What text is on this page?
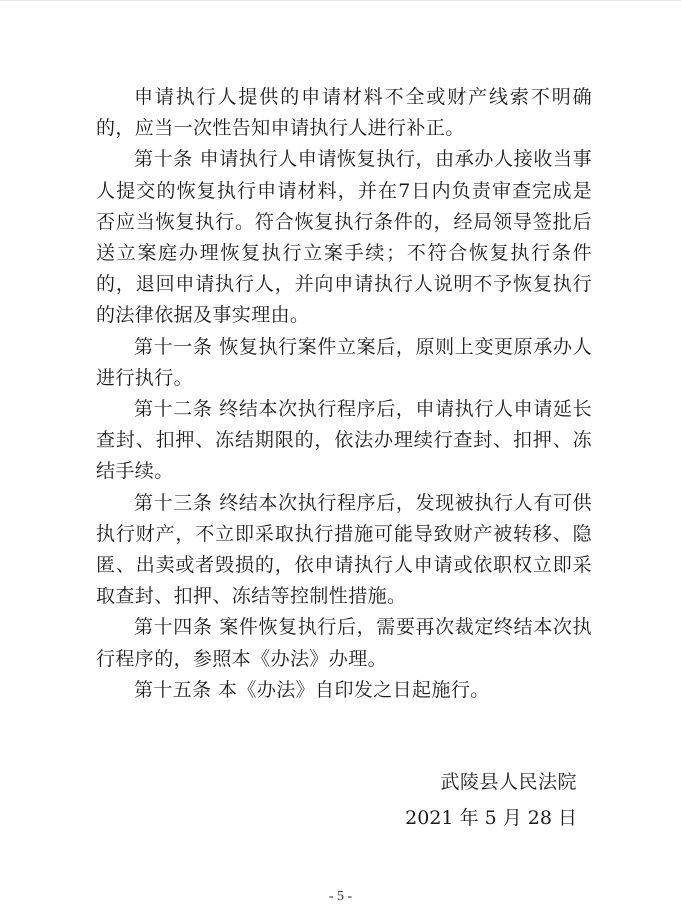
申请执行人提供的申请材料不全或财产线索不明确的，应当一次性告知申请执行人进行补正。

第十条 申请执行人申请恢复执行，由承办人接收当事人提交的恢复执行申请材料，并在7日内负责审查完成是否应当恢复执行。符合恢复执行条件的，经局领导签批后送立案庭办理恢复执行立案手续；不符合恢复执行条件的，退回申请执行人，并向申请执行人说明不予恢复执行的法律依据及事实理由。

第十一条 恢复执行案件立案后，原则上变更原承办人进行执行。

第十二条 终结本次执行程序后，申请执行人申请延长查封、扣押、冻结期限的，依法办理续行查封、扣押、冻结手续。

第十三条 终结本次执行程序后，发现被执行人有可供执行财产，不立即采取执行措施可能导致财产被转移、隐匿、出卖或者毁损的，依申请执行人申请或依职权立即采取查封、扣押、冻结等控制性措施。

第十四条 案件恢复执行后，需要再次裁定终结本次执行程序的，参照本《办法》办理。

第十五条 本《办法》自印发之日起施行。

武陵县人民法院
2021 年 5 月 28 日
- 5 -
